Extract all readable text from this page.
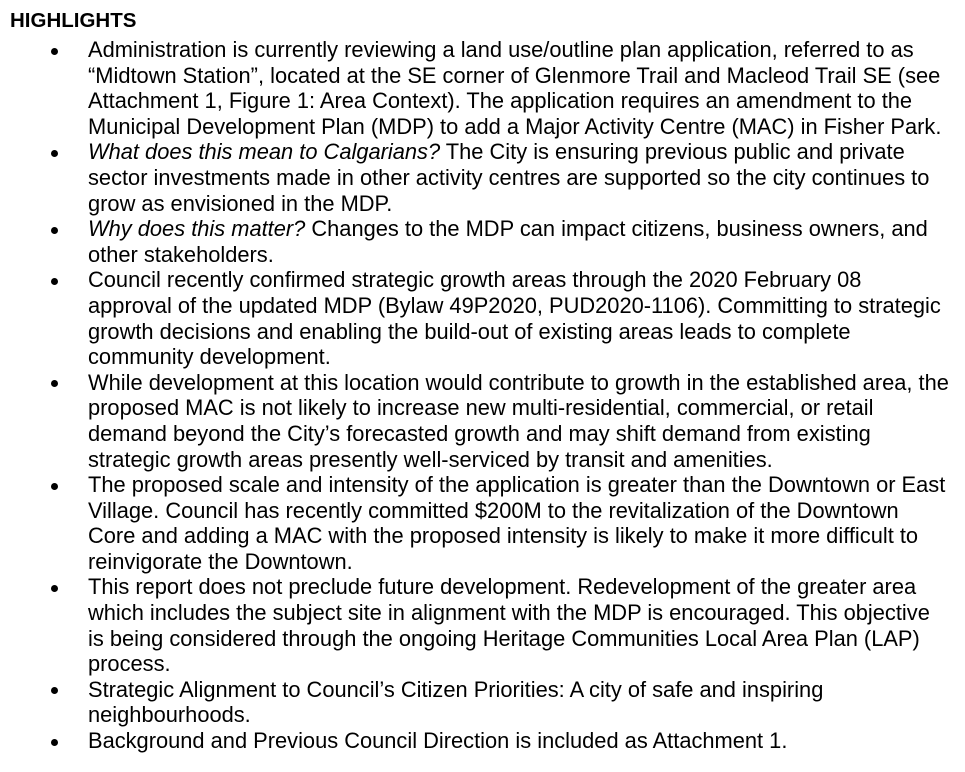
HIGHLIGHTS
Administration is currently reviewing a land use/outline plan application, referred to as “Midtown Station”, located at the SE corner of Glenmore Trail and Macleod Trail SE (see Attachment 1, Figure 1: Area Context). The application requires an amendment to the Municipal Development Plan (MDP) to add a Major Activity Centre (MAC) in Fisher Park.
What does this mean to Calgarians? The City is ensuring previous public and private sector investments made in other activity centres are supported so the city continues to grow as envisioned in the MDP.
Why does this matter? Changes to the MDP can impact citizens, business owners, and other stakeholders.
Council recently confirmed strategic growth areas through the 2020 February 08 approval of the updated MDP (Bylaw 49P2020, PUD2020-1106). Committing to strategic growth decisions and enabling the build-out of existing areas leads to complete community development.
While development at this location would contribute to growth in the established area, the proposed MAC is not likely to increase new multi-residential, commercial, or retail demand beyond the City’s forecasted growth and may shift demand from existing strategic growth areas presently well-serviced by transit and amenities.
The proposed scale and intensity of the application is greater than the Downtown or East Village. Council has recently committed $200M to the revitalization of the Downtown Core and adding a MAC with the proposed intensity is likely to make it more difficult to reinvigorate the Downtown.
This report does not preclude future development. Redevelopment of the greater area which includes the subject site in alignment with the MDP is encouraged. This objective is being considered through the ongoing Heritage Communities Local Area Plan (LAP) process.
Strategic Alignment to Council’s Citizen Priorities: A city of safe and inspiring neighbourhoods.
Background and Previous Council Direction is included as Attachment 1.
